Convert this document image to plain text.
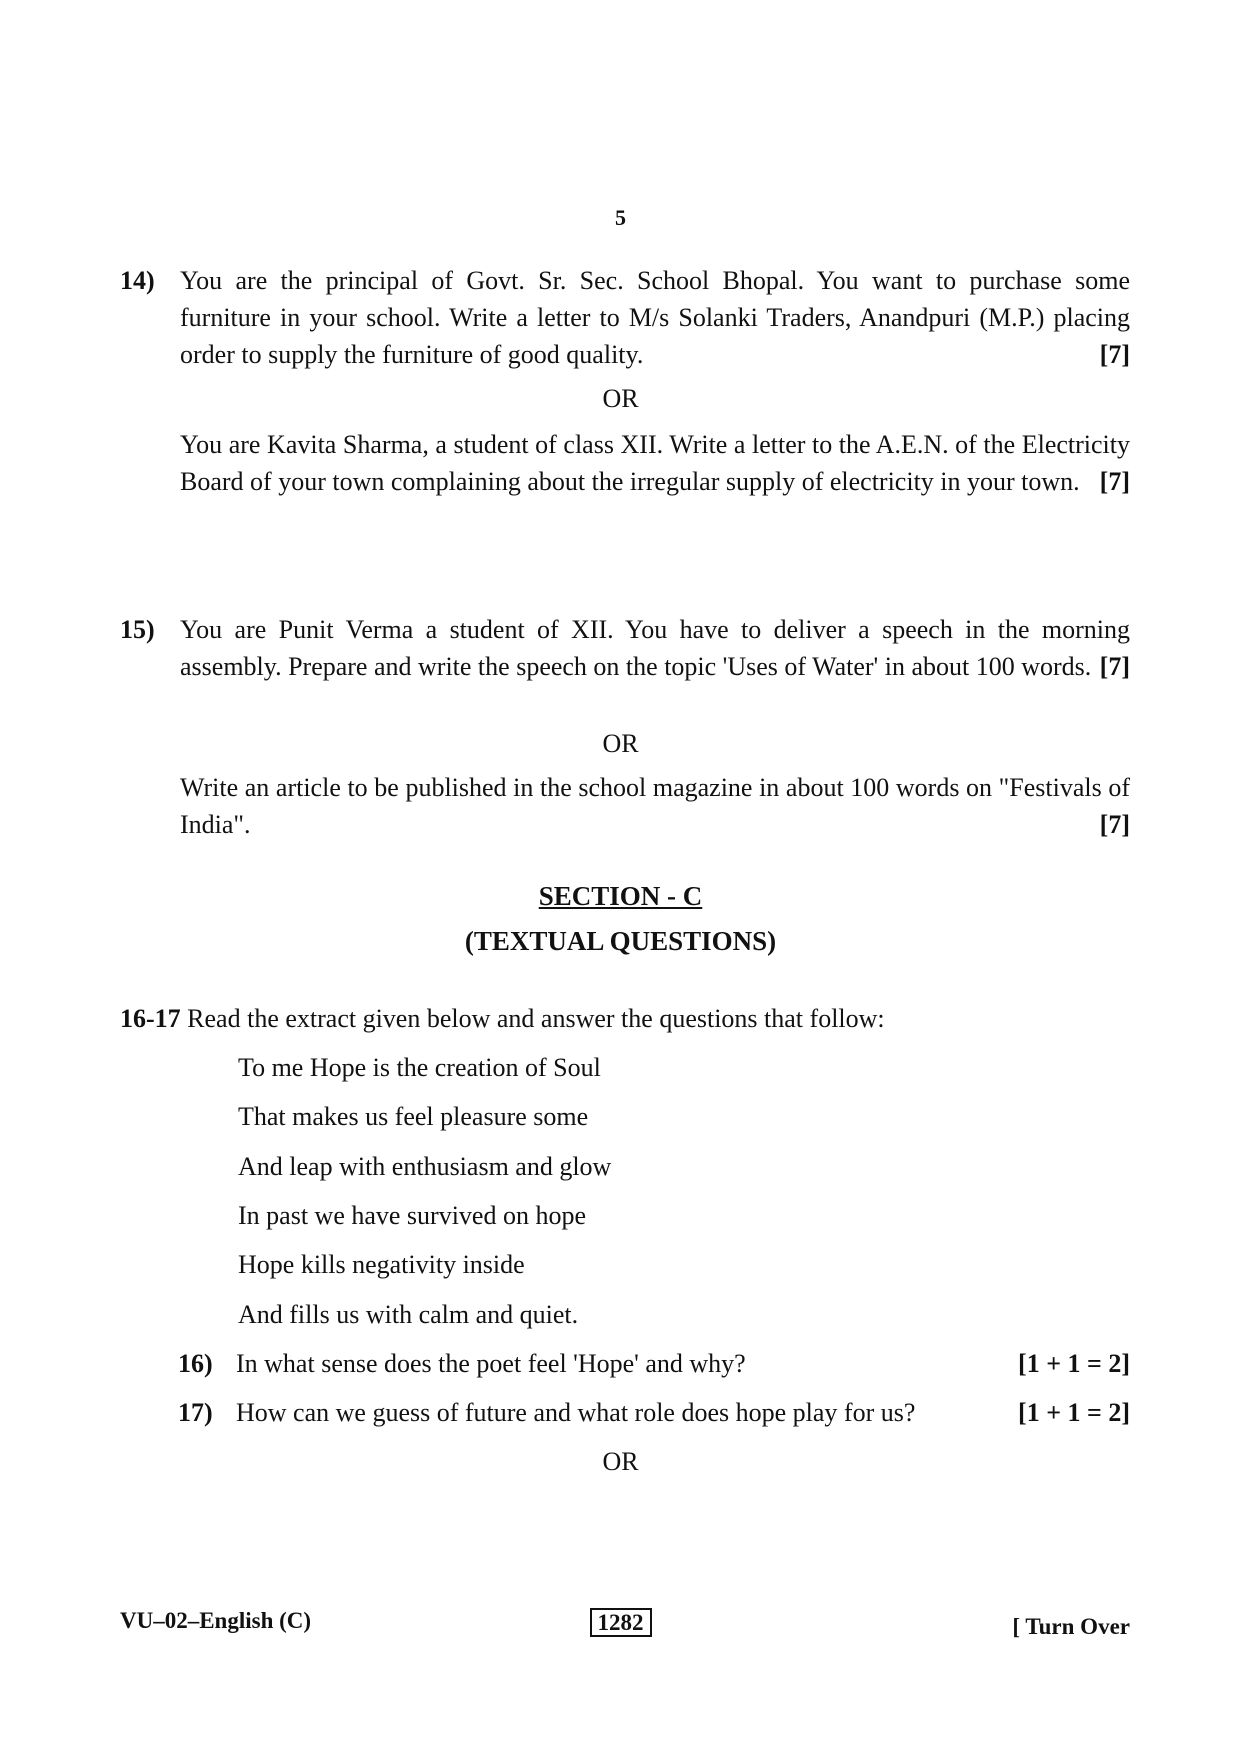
5
14) You are the principal of Govt. Sr. Sec. School Bhopal. You want to purchase some furniture in your school. Write a letter to M/s Solanki Traders, Anandpuri (M.P.) placing order to supply the furniture of good quality.	[7]
OR
You are Kavita Sharma, a student of class XII. Write a letter to the A.E.N. of the Electricity Board of your town complaining about the irregular supply of electricity in your town. [7]
15) You are Punit Verma a student of XII. You have to deliver a speech in the morning assembly. Prepare and write the speech on the topic 'Uses of Water' in about 100 words. [7]
OR
Write an article to be published in the school magazine in about 100 words on "Festivals of India".	[7]
SECTION - C
(TEXTUAL QUESTIONS)
16-17 Read the extract given below and answer the questions that follow:
To me Hope is the creation of Soul
That makes us feel pleasure some
And leap with enthusiasm and glow
In past we have survived on hope
Hope kills negativity inside
And fills us with calm and quiet.
16) In what sense does the poet feel 'Hope' and why?	[1 + 1 = 2]
17) How can we guess of future and what role does hope play for us?	[1 + 1 = 2]
OR
VU–02–English (C)	1282	[ Turn Over
